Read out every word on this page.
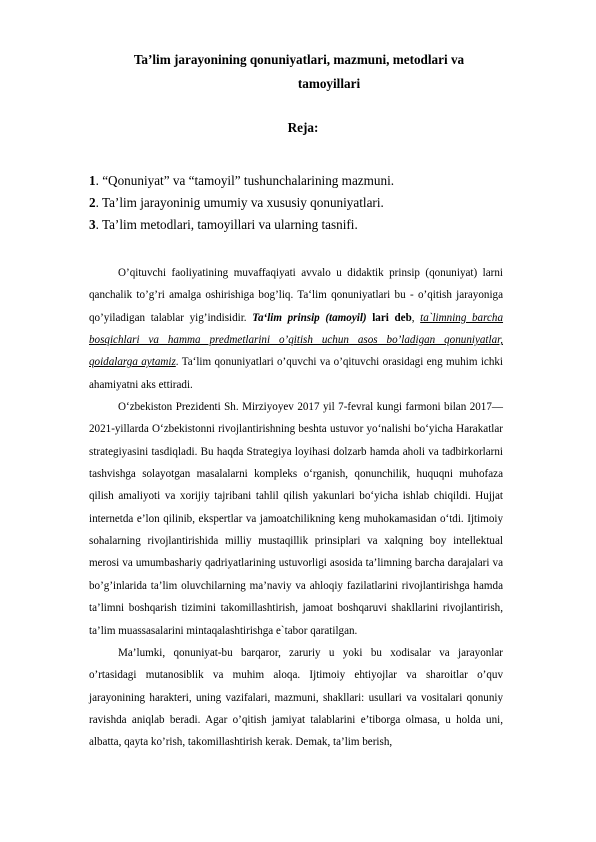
Ta’lim jarayonining qonuniyatlari, mazmuni, metodlari va
tamoyillari
Reja:
1. “Qonuniyat” va “tamoyil” tushunchalarining mazmuni.
2. Ta’lim jarayoninig umumiy va xususiy qonuniyatlari.
3. Ta’lim metodlari, tamoyillari va ularning tasnifi.

O’qituvchi faoliyatining muvaffaqiyati avvalo u didaktik prinsip (qonuniyat) larni qanchalik to’g’ri amalga oshirishiga bog’liq. Ta‘lim qonuniyatlari bu - o’qitish jarayoniga qo’yiladigan talablar yig’indisidir. Ta‘lim prinsip (tamoyil) lari deb, ta`limning barcha bosqichlari va hamma predmetlarini o’qitish uchun asos bo’ladigan qonuniyatlar, qoidalarga aytamiz. Ta‘lim qonuniyatlari o’quvchi va o’qituvchi orasidagi eng muhim ichki ahamiyatni aks ettiradi.

O‘zbekiston Prezidenti Sh. Mirziyoyev 2017 yil 7-fevral kungi farmoni bilan 2017—2021-yillarda O‘zbekistonni rivojlantirishning beshta ustuvor yo‘nalishi bo‘yicha Harakatlar strategiyasini tasdiqladi. Bu haqda Strategiya loyihasi dolzarb hamda aholi va tadbirkorlarni tashvishga solayotgan masalalarni kompleks o‘rganish, qonunchilik, huquqni muhofaza qilish amaliyoti va xorijiy tajribani tahlil qilish yakunlari bo‘yicha ishlab chiqildi. Hujjat internetda e’lon qilinib, ekspertlar va jamoatchilikning keng muhokamasidan o‘tdi. Ijtimoiy sohalarning rivojlantirishida milliy mustaqillik prinsiplari va xalqning boy intellektual merosi va umumbashariy qadriyatlarining ustuvorligi asosida ta’limning barcha darajalari va bo’g’inlarida ta’lim oluvchilarning ma’naviy va ahloqiy fazilatlarini rivojlantirishga hamda ta’limni boshqarish tizimini takomillashtirish, jamoat boshqaruvi shakllarini rivojlantirish, ta’lim muassasalarini mintaqalashtirishga e`tabor qaratilgan.

Ma’lumki, qonuniyat-bu barqaror, zaruriy u yoki bu xodisalar va jarayonlar o’rtasidagi mutanosiblik va muhim aloqa. Ijtimoiy ehtiyojlar va sharoitlar o’quv jarayonining harakteri, uning vazifalari, mazmuni, shakllari: usullari va vositalari qonuniy ravishda aniqlab beradi. Agar o’qitish jamiyat talablarini e’tiborga olmasa, u holda uni, albatta, qayta ko’rish, takomillashtirish kerak. Demak, ta’lim berish,
